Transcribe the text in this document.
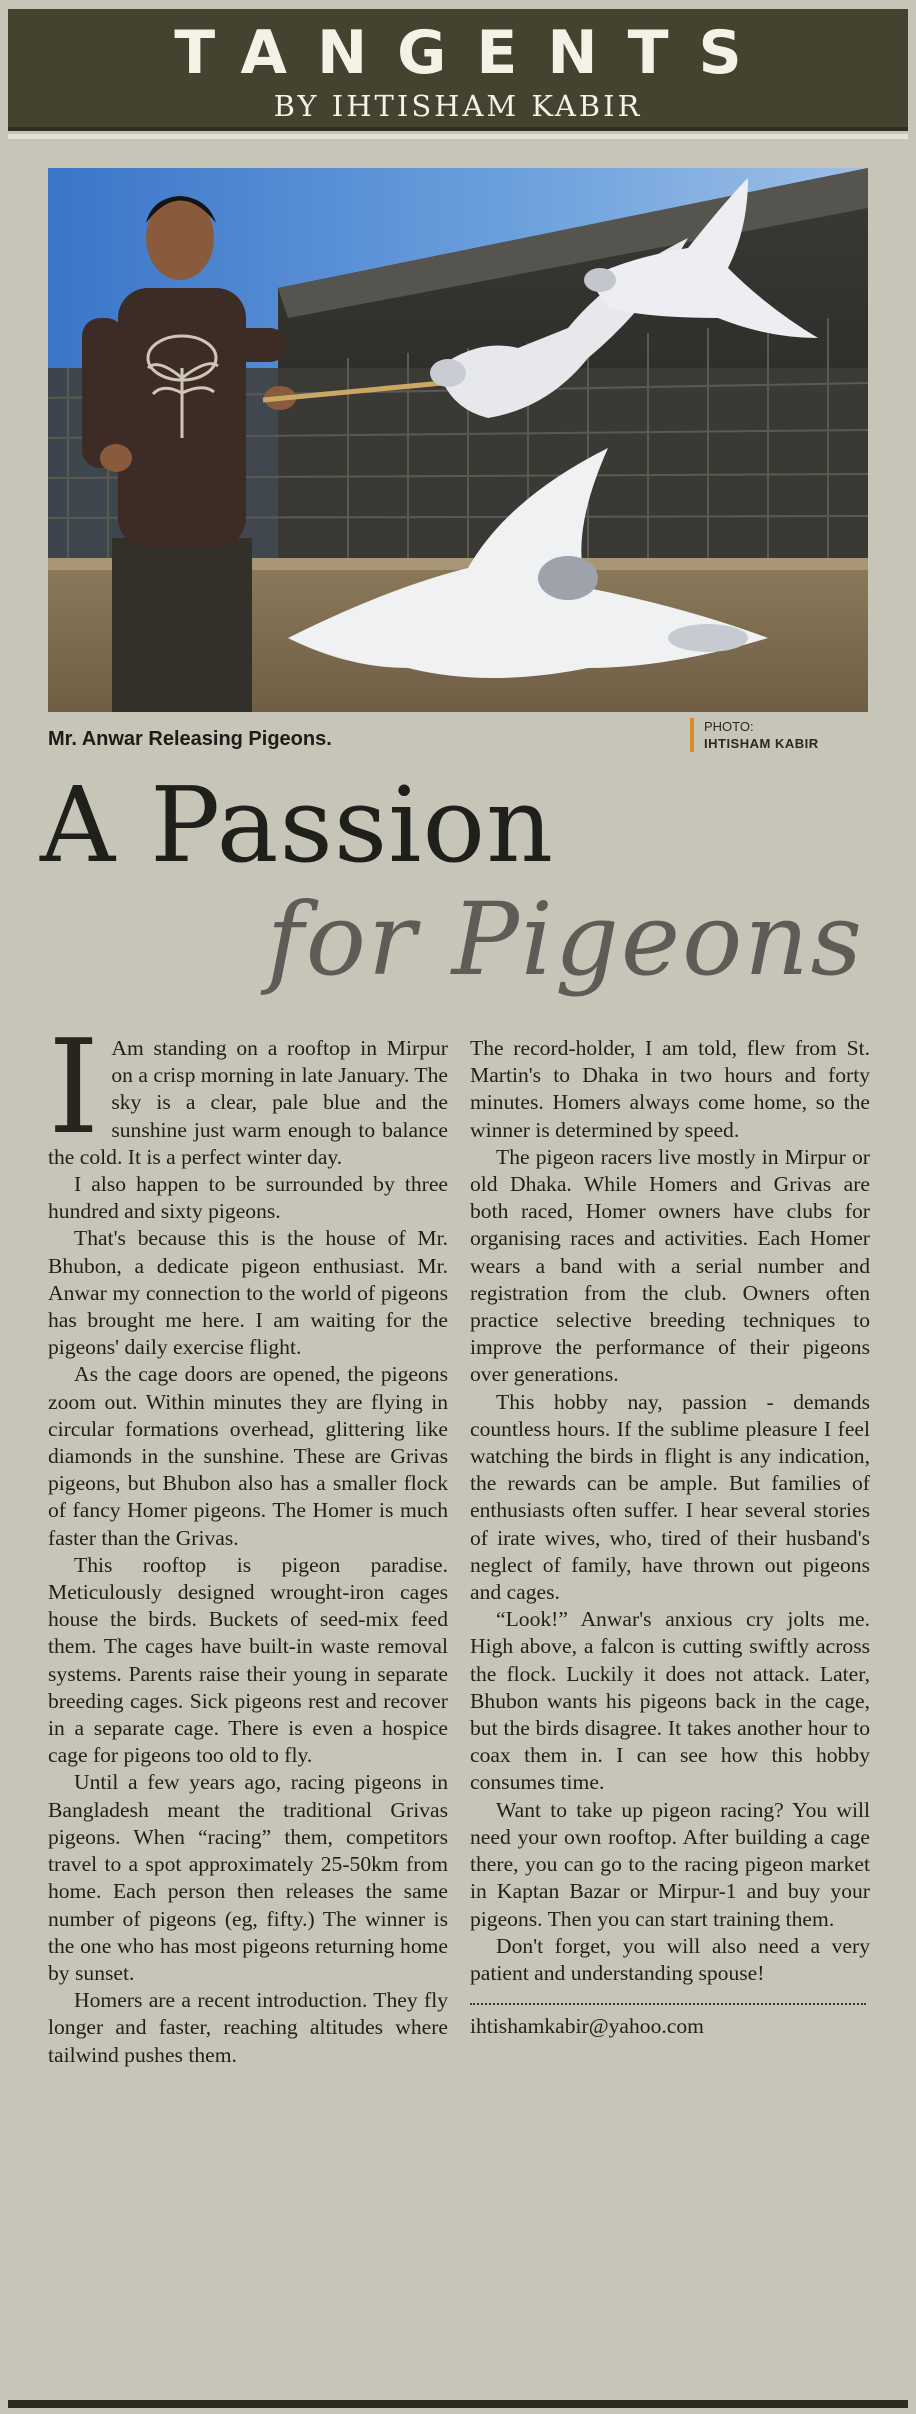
TANGENTS
BY IHTISHAM KABIR
Mr. Anwar Releasing Pigeons.
PHOTO:
IHTISHAM KABIR
A Passion
for Pigeons
I Am standing on a rooftop in Mirpur on a crisp morning in late January. The sky is a clear, pale blue and the sunshine just warm enough to balance the cold. It is a perfect winter day.

I also happen to be surrounded by three hundred and sixty pigeons.

That's because this is the house of Mr. Bhubon, a dedicate pigeon enthusiast. Mr. Anwar my connection to the world of pigeons has brought me here. I am waiting for the pigeons' daily exercise flight.

As the cage doors are opened, the pigeons zoom out. Within minutes they are flying in circular formations overhead, glittering like diamonds in the sunshine. These are Grivas pigeons, but Bhubon also has a smaller flock of fancy Homer pigeons. The Homer is much faster than the Grivas.

This rooftop is pigeon paradise. Meticulously designed wrought-iron cages house the birds. Buckets of seed-mix feed them. The cages have built-in waste removal systems. Parents raise their young in separate breeding cages. Sick pigeons rest and recover in a separate cage. There is even a hospice cage for pigeons too old to fly.

Until a few years ago, racing pigeons in Bangladesh meant the traditional Grivas pigeons. When “racing” them, competitors travel to a spot approximately 25-50km from home. Each person then releases the same number of pigeons (eg, fifty.) The winner is the one who has most pigeons returning home by sunset.

Homers are a recent introduction. They fly longer and faster, reaching altitudes where tailwind pushes them.

The record-holder, I am told, flew from St. Martin's to Dhaka in two hours and forty minutes. Homers always come home, so the winner is determined by speed.

The pigeon racers live mostly in Mirpur or old Dhaka. While Homers and Grivas are both raced, Homer owners have clubs for organising races and activities. Each Homer wears a band with a serial number and registration from the club. Owners often practice selective breeding techniques to improve the performance of their pigeons over generations.

This hobby nay, passion - demands countless hours. If the sublime pleasure I feel watching the birds in flight is any indication, the rewards can be ample. But families of enthusiasts often suffer. I hear several stories of irate wives, who, tired of their husband's neglect of family, have thrown out pigeons and cages.

“Look!” Anwar's anxious cry jolts me. High above, a falcon is cutting swiftly across the flock. Luckily it does not attack. Later, Bhubon wants his pigeons back in the cage, but the birds disagree. It takes another hour to coax them in. I can see how this hobby consumes time.

Want to take up pigeon racing? You will need your own rooftop. After building a cage there, you can go to the racing pigeon market in Kaptan Bazar or Mirpur-1 and buy your pigeons. Then you can start training them.

Don't forget, you will also need a very patient and understanding spouse!

ihtishamkabir@yahoo.com
